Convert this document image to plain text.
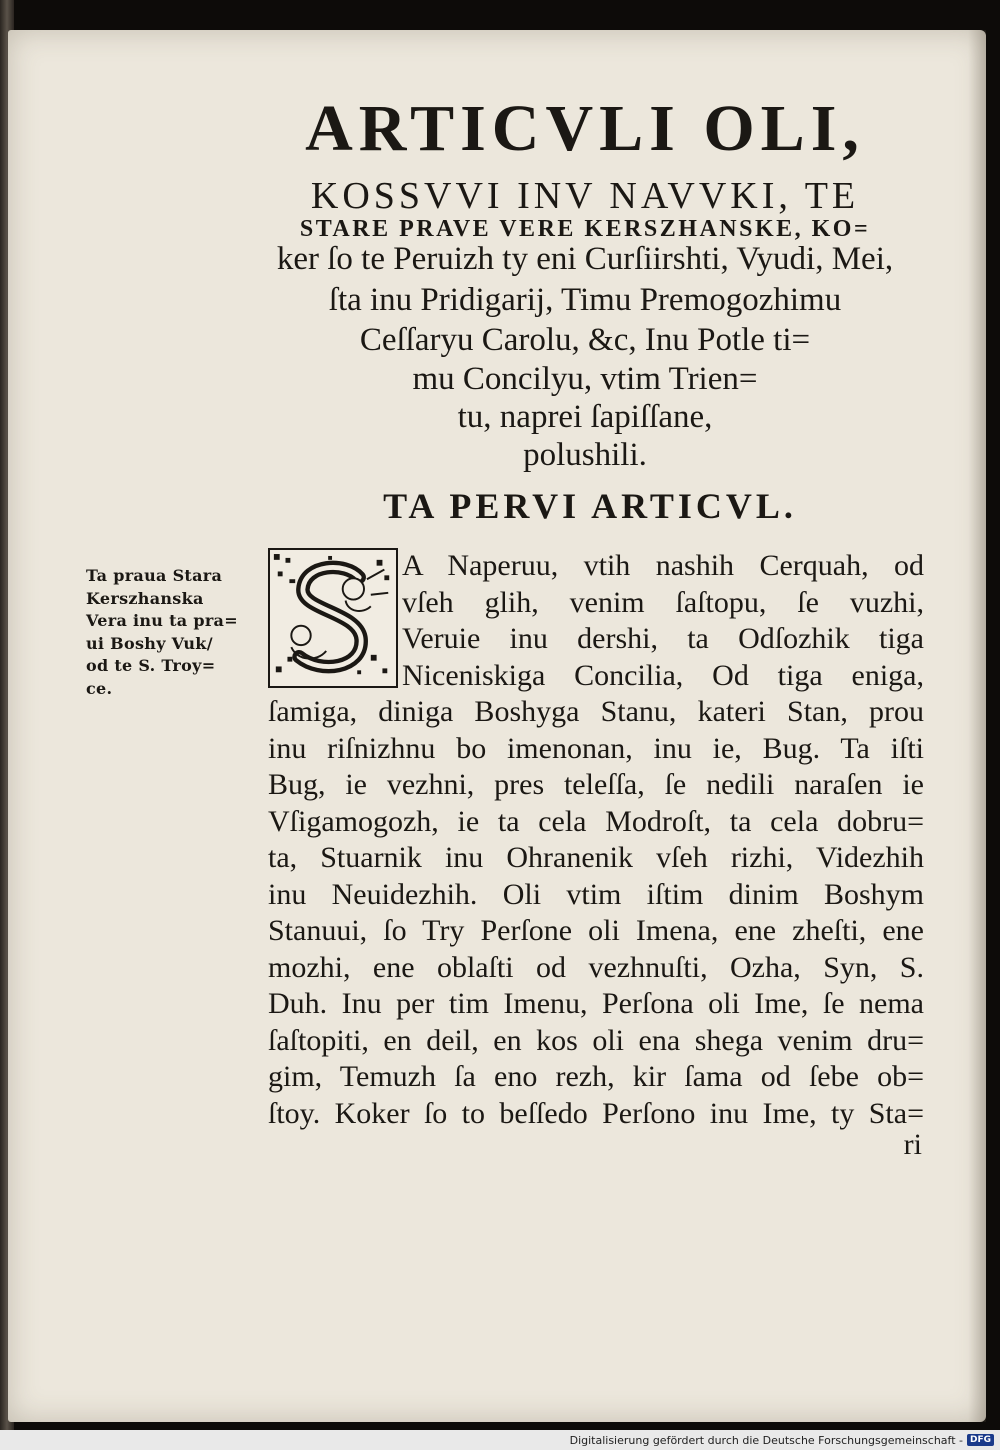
ARTICVLI OLI,

KOSSVVI INV NAVVKI, TE

STARE PRAVE VERE KERSZHANSKE, KO=

ker ſo te Peruizh ty eni Curſiirshti, Vyudi, Mei,

ſta inu Pridigarij, Timu Premogozhimu

Ceſſaryu Carolu, &c, Inu Potle ti=

mu Concilyu, vtim Trien=

tu, naprei ſapiſſane,

polushili.

TA PERVI ARTICVL.
Ta praua Stara
Kerszhanska
Vera inu ta pra=
ui Boshy Vuk/
od te S. Troy=
ce.
A Naperuu, vtih nashih Cerquah, od
vſeh glih, venim ſaſtopu, ſe vuzhi,
Veruie inu dershi, ta Odſozhik tiga
Niceniskiga Concilia, Od tiga eniga,
ſamiga, diniga Boshyga Stanu, kateri Stan, prou
inu riſnizhnu bo imenonan, inu ie, Bug. Ta iſti
Bug, ie vezhni, pres teleſſa, ſe nedili naraſen ie
Vſigamogozh, ie ta cela Modroſt, ta cela dobru=
ta, Stuarnik inu Ohranenik vſeh rizhi, Videzhih
inu Neuidezhih. Oli vtim iſtim dinim Boshym
Stanuui, ſo Try Perſone oli Imena, ene zheſti, ene
mozhi, ene oblaſti od vezhnuſti, Ozha, Syn, S.
Duh. Inu per tim Imenu, Perſona oli Ime, ſe nema
ſaſtopiti, en deil, en kos oli ena shega venim dru=
gim, Temuzh ſa eno rezh, kir ſama od ſebe ob=
ſtoy. Koker ſo to beſſedo Perſono inu Ime, ty Sta=
ri
Digitalisierung gefördert durch die Deutsche Forschungsgemeinschaft - DFG
